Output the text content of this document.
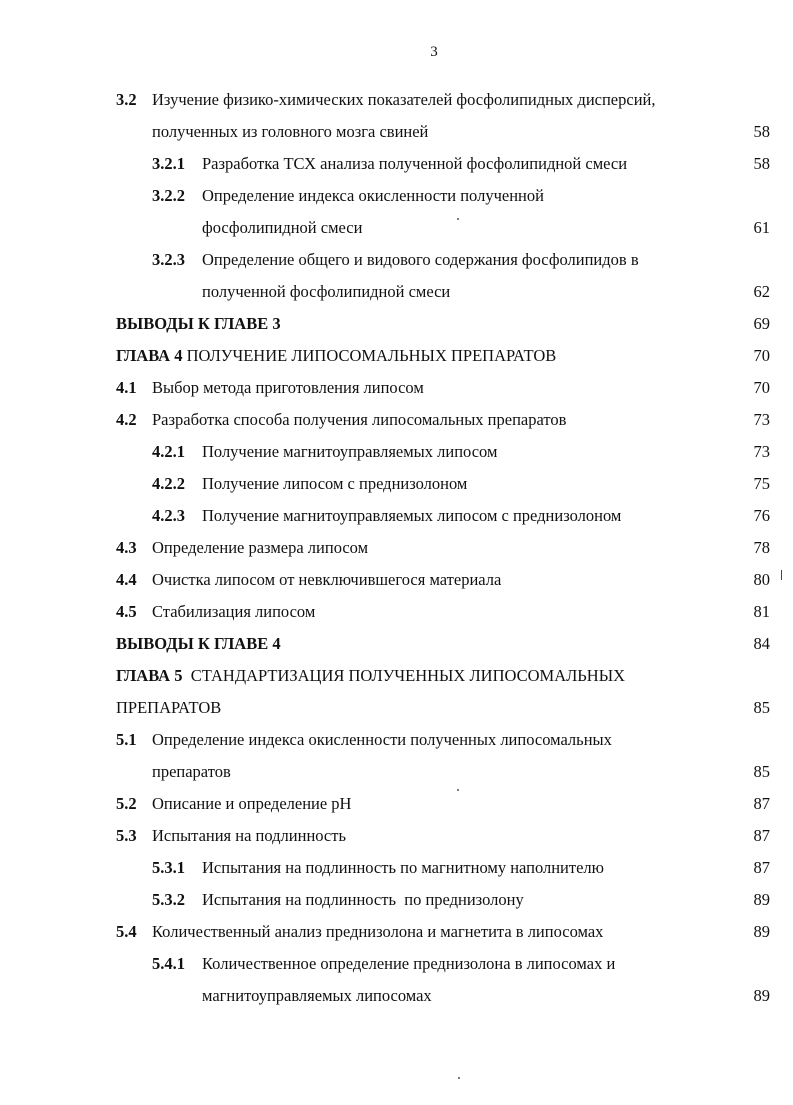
3
3.2 Изучение физико-химических показателей фосфолипидных дисперсий,
полученных из головного мозга свиней	58
3.2.1 Разработка ТСХ анализа полученной фосфолипидной смеси	58
3.2.2 Определение индекса окисленности полученной
фосфолипидной смеси	61
3.2.3 Определение общего и видового содержания фосфолипидов в
полученной фосфолипидной смеси	62
ВЫВОДЫ К ГЛАВЕ 3	69
ГЛАВА 4 ПОЛУЧЕНИЕ ЛИПОСОМАЛЬНЫХ ПРЕПАРАТОВ	70
4.1 Выбор метода приготовления липосом	70
4.2 Разработка способа получения липосомальных препаратов	73
4.2.1 Получение магнитоуправляемых липосом	73
4.2.2 Получение липосом с преднизолоном	75
4.2.3 Получение магнитоуправляемых липосом с преднизолоном	76
4.3 Определение размера липосом	78
4.4 Очистка липосом от невключившегося материала	80
4.5 Стабилизация липосом	81
ВЫВОДЫ К ГЛАВЕ 4	84
ГЛАВА 5 СТАНДАРТИЗАЦИЯ ПОЛУЧЕННЫХ ЛИПОСОМАЛЬНЫХ
ПРЕПАРАТОВ	85
5.1 Определение индекса окисленности полученных липосомальных
препаратов	85
5.2 Описание и определение pH	87
5.3 Испытания на подлинность	87
5.3.1 Испытания на подлинность по магнитному наполнителю	87
5.3.2 Испытания на подлинность  по преднизолону	89
5.4 Количественный анализ преднизолона и магнетита в липосомах	89
5.4.1 Количественное определение преднизолона в липосомах и
магнитоуправляемых липосомах	89
